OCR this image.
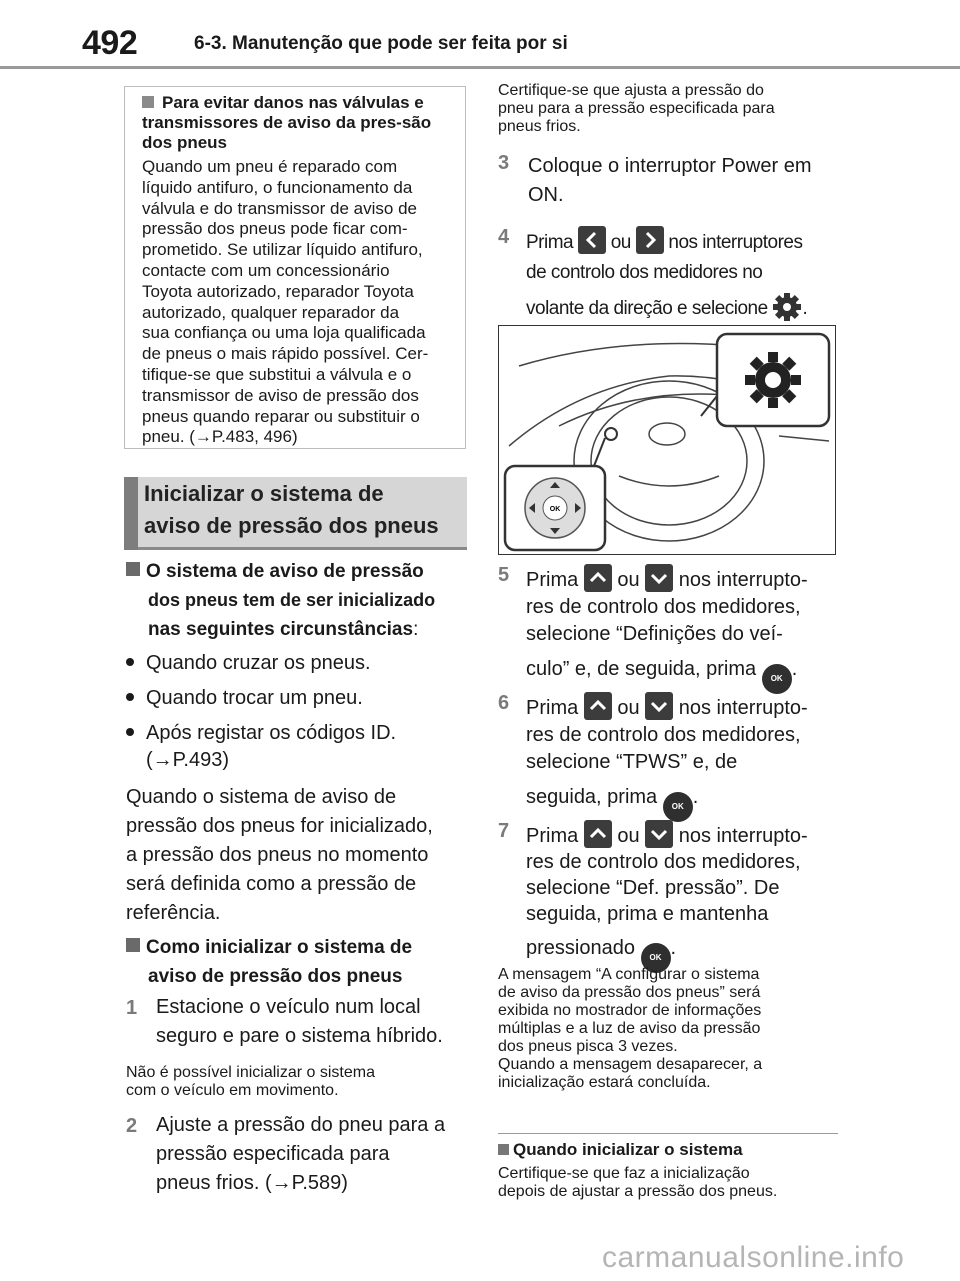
492	6-3. Manutenção que pode ser feita por si
Para evitar danos nas válvulas e transmissores de aviso da pres-são dos pneus
Quando um pneu é reparado com
líquido antifuro, o funcionamento da
válvula e do transmissor de aviso de
pressão dos pneus pode ficar com-
prometido. Se utilizar líquido antifuro,
contacte com um concessionário
Toyota autorizado, reparador Toyota
autorizado, qualquer reparador da
sua confiança ou uma loja qualificada
de pneus o mais rápido possível. Cer-
tifique-se que substitui a válvula e o
transmissor de aviso de pressão dos
pneus quando reparar ou substituir o
pneu. (→P.483, 496)
Inicializar o sistema de
aviso de pressão dos pneus
O sistema de aviso de pressão
dos pneus tem de ser inicializado
nas seguintes circunstâncias:
Quando cruzar os pneus.
Quando trocar um pneu.
Após registar os códigos ID.
(→P.493)
Quando o sistema de aviso de
pressão dos pneus for inicializado,
a pressão dos pneus no momento
será definida como a pressão de
referência.
Como inicializar o sistema de
aviso de pressão dos pneus
1 Estacione o veículo num local
seguro e pare o sistema híbrido.
Não é possível inicializar o sistema
com o veículo em movimento.
2 Ajuste a pressão do pneu para a
pressão especificada para
pneus frios. (→P.589)
Certifique-se que ajusta a pressão do
pneu para a pressão especificada para
pneus frios.
3 Coloque o interruptor Power em
ON.
4 Prima ou nos interruptores
de controlo dos medidores no
volante da direção e selecione .
OK
5 Prima ou nos interrupto-
res de controlo dos medidores,
selecione “Definições do veí-
culo” e, de seguida, prima OK .
6 Prima ou nos interrupto-
res de controlo dos medidores,
selecione “TPWS” e, de
seguida, prima OK .
7 Prima ou nos interrupto-
res de controlo dos medidores,
selecione “Def. pressão”. De
seguida, prima e mantenha
pressionado OK .
A mensagem “A configurar o sistema
de aviso da pressão dos pneus” será
exibida no mostrador de informações
múltiplas e a luz de aviso da pressão
dos pneus pisca 3 vezes.
Quando a mensagem desaparecer, a
inicialização estará concluída.
Quando inicializar o sistema
Certifique-se que faz a inicialização
depois de ajustar a pressão dos pneus.
carmanualsonline.info
